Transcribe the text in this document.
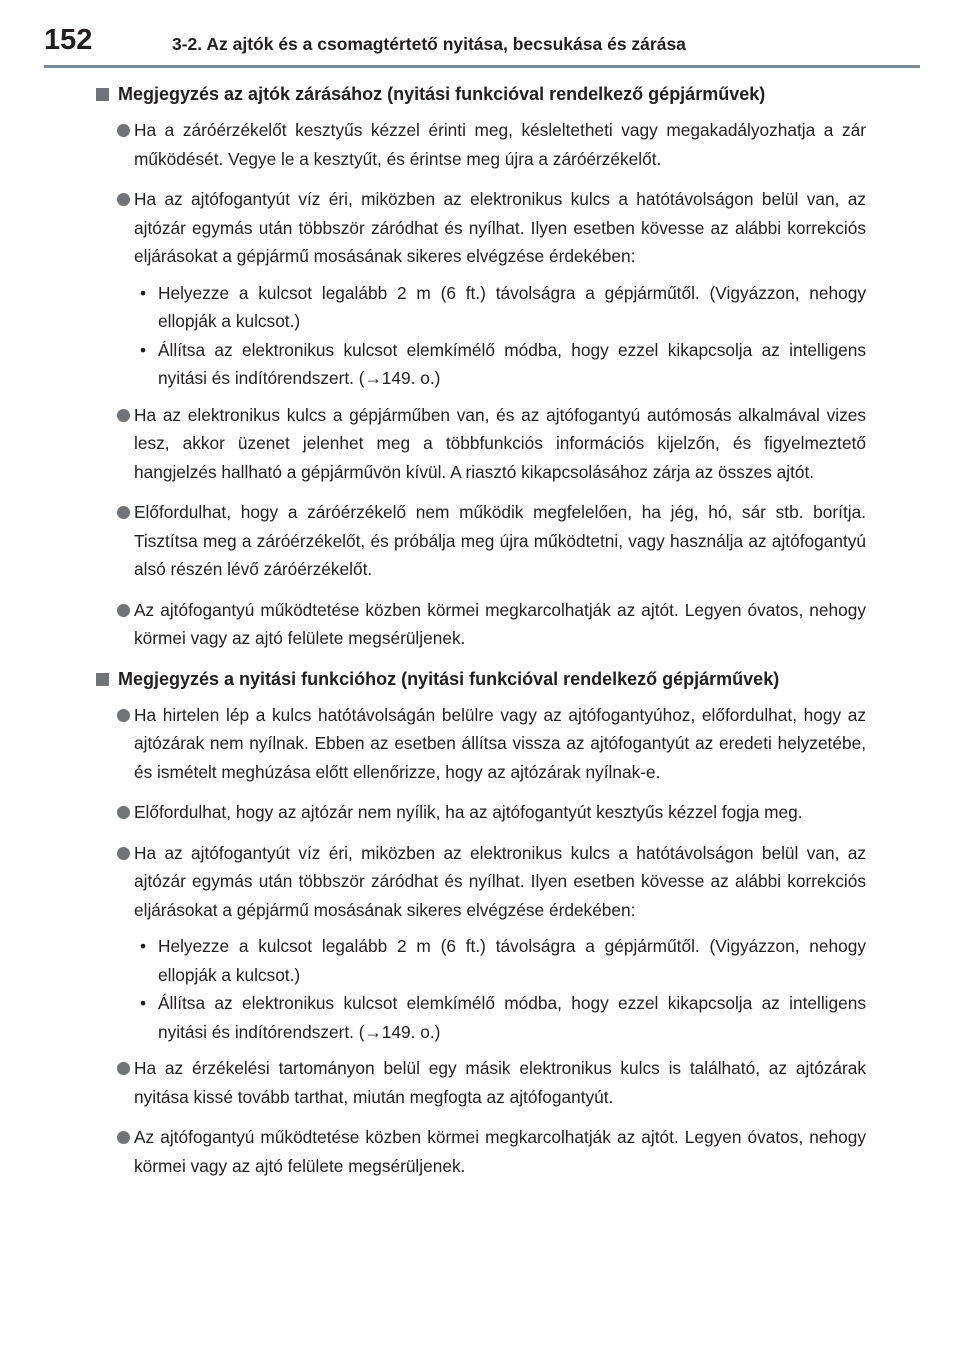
152	3-2. Az ajtók és a csomagtértető nyitása, becsukása és zárása
Megjegyzés az ajtók zárásához (nyitási funkcióval rendelkező gépjárművek)
Ha a záróérzékelőt kesztyűs kézzel érinti meg, késleltetheti vagy megakadályozhatja a zár működését. Vegye le a kesztyűt, és érintse meg újra a záróérzékelőt.
Ha az ajtófogantyút víz éri, miközben az elektronikus kulcs a hatótávolságon belül van, az ajtózár egymás után többször záródhat és nyílhat. Ilyen esetben kövesse az alábbi korrekciós eljárásokat a gépjármű mosásának sikeres elvégzése érdekében:
• Helyezze a kulcsot legalább 2 m (6 ft.) távolságra a gépjárműtől. (Vigyázzon, nehogy ellopják a kulcsot.)
• Állítsa az elektronikus kulcsot elemkímélő módba, hogy ezzel kikapcsolja az intelligens nyitási és indítórendszert. (→149. o.)
Ha az elektronikus kulcs a gépjárműben van, és az ajtófogantyú autómosás alkalmával vizes lesz, akkor üzenet jelenhet meg a többfunkciós információs kijelzőn, és figyelmeztető hangjelzés hallható a gépjárművön kívül. A riasztó kikapcsolásához zárja az összes ajtót.
Előfordulhat, hogy a záróérzékelő nem működik megfelelően, ha jég, hó, sár stb. borítja. Tisztítsa meg a záróérzékelőt, és próbálja meg újra működtetni, vagy használja az ajtófogantyú alsó részén lévő záróérzékelőt.
Az ajtófogantyú működtetése közben körmei megkarcolhatják az ajtót. Legyen óvatos, nehogy körmei vagy az ajtó felülete megsérüljenek.
Megjegyzés a nyitási funkcióhoz (nyitási funkcióval rendelkező gépjárművek)
Ha hirtelen lép a kulcs hatótávolságán belülre vagy az ajtófogantyúhoz, előfordulhat, hogy az ajtózárak nem nyílnak. Ebben az esetben állítsa vissza az ajtófogantyút az eredeti helyzetébe, és ismételt meghúzása előtt ellenőrizze, hogy az ajtózárak nyílnak-e.
Előfordulhat, hogy az ajtózár nem nyílik, ha az ajtófogantyút kesztyűs kézzel fogja meg.
Ha az ajtófogantyút víz éri, miközben az elektronikus kulcs a hatótávolságon belül van, az ajtózár egymás után többször záródhat és nyílhat. Ilyen esetben kövesse az alábbi korrekciós eljárásokat a gépjármű mosásának sikeres elvégzése érdekében:
• Helyezze a kulcsot legalább 2 m (6 ft.) távolságra a gépjárműtől. (Vigyázzon, nehogy ellopják a kulcsot.)
• Állítsa az elektronikus kulcsot elemkímélő módba, hogy ezzel kikapcsolja az intelligens nyitási és indítórendszert. (→149. o.)
Ha az érzékelési tartományon belül egy másik elektronikus kulcs is található, az ajtózárak nyitása kissé tovább tarthat, miután megfogta az ajtófogantyút.
Az ajtófogantyú működtetése közben körmei megkarcolhatják az ajtót. Legyen óvatos, nehogy körmei vagy az ajtó felülete megsérüljenek.
